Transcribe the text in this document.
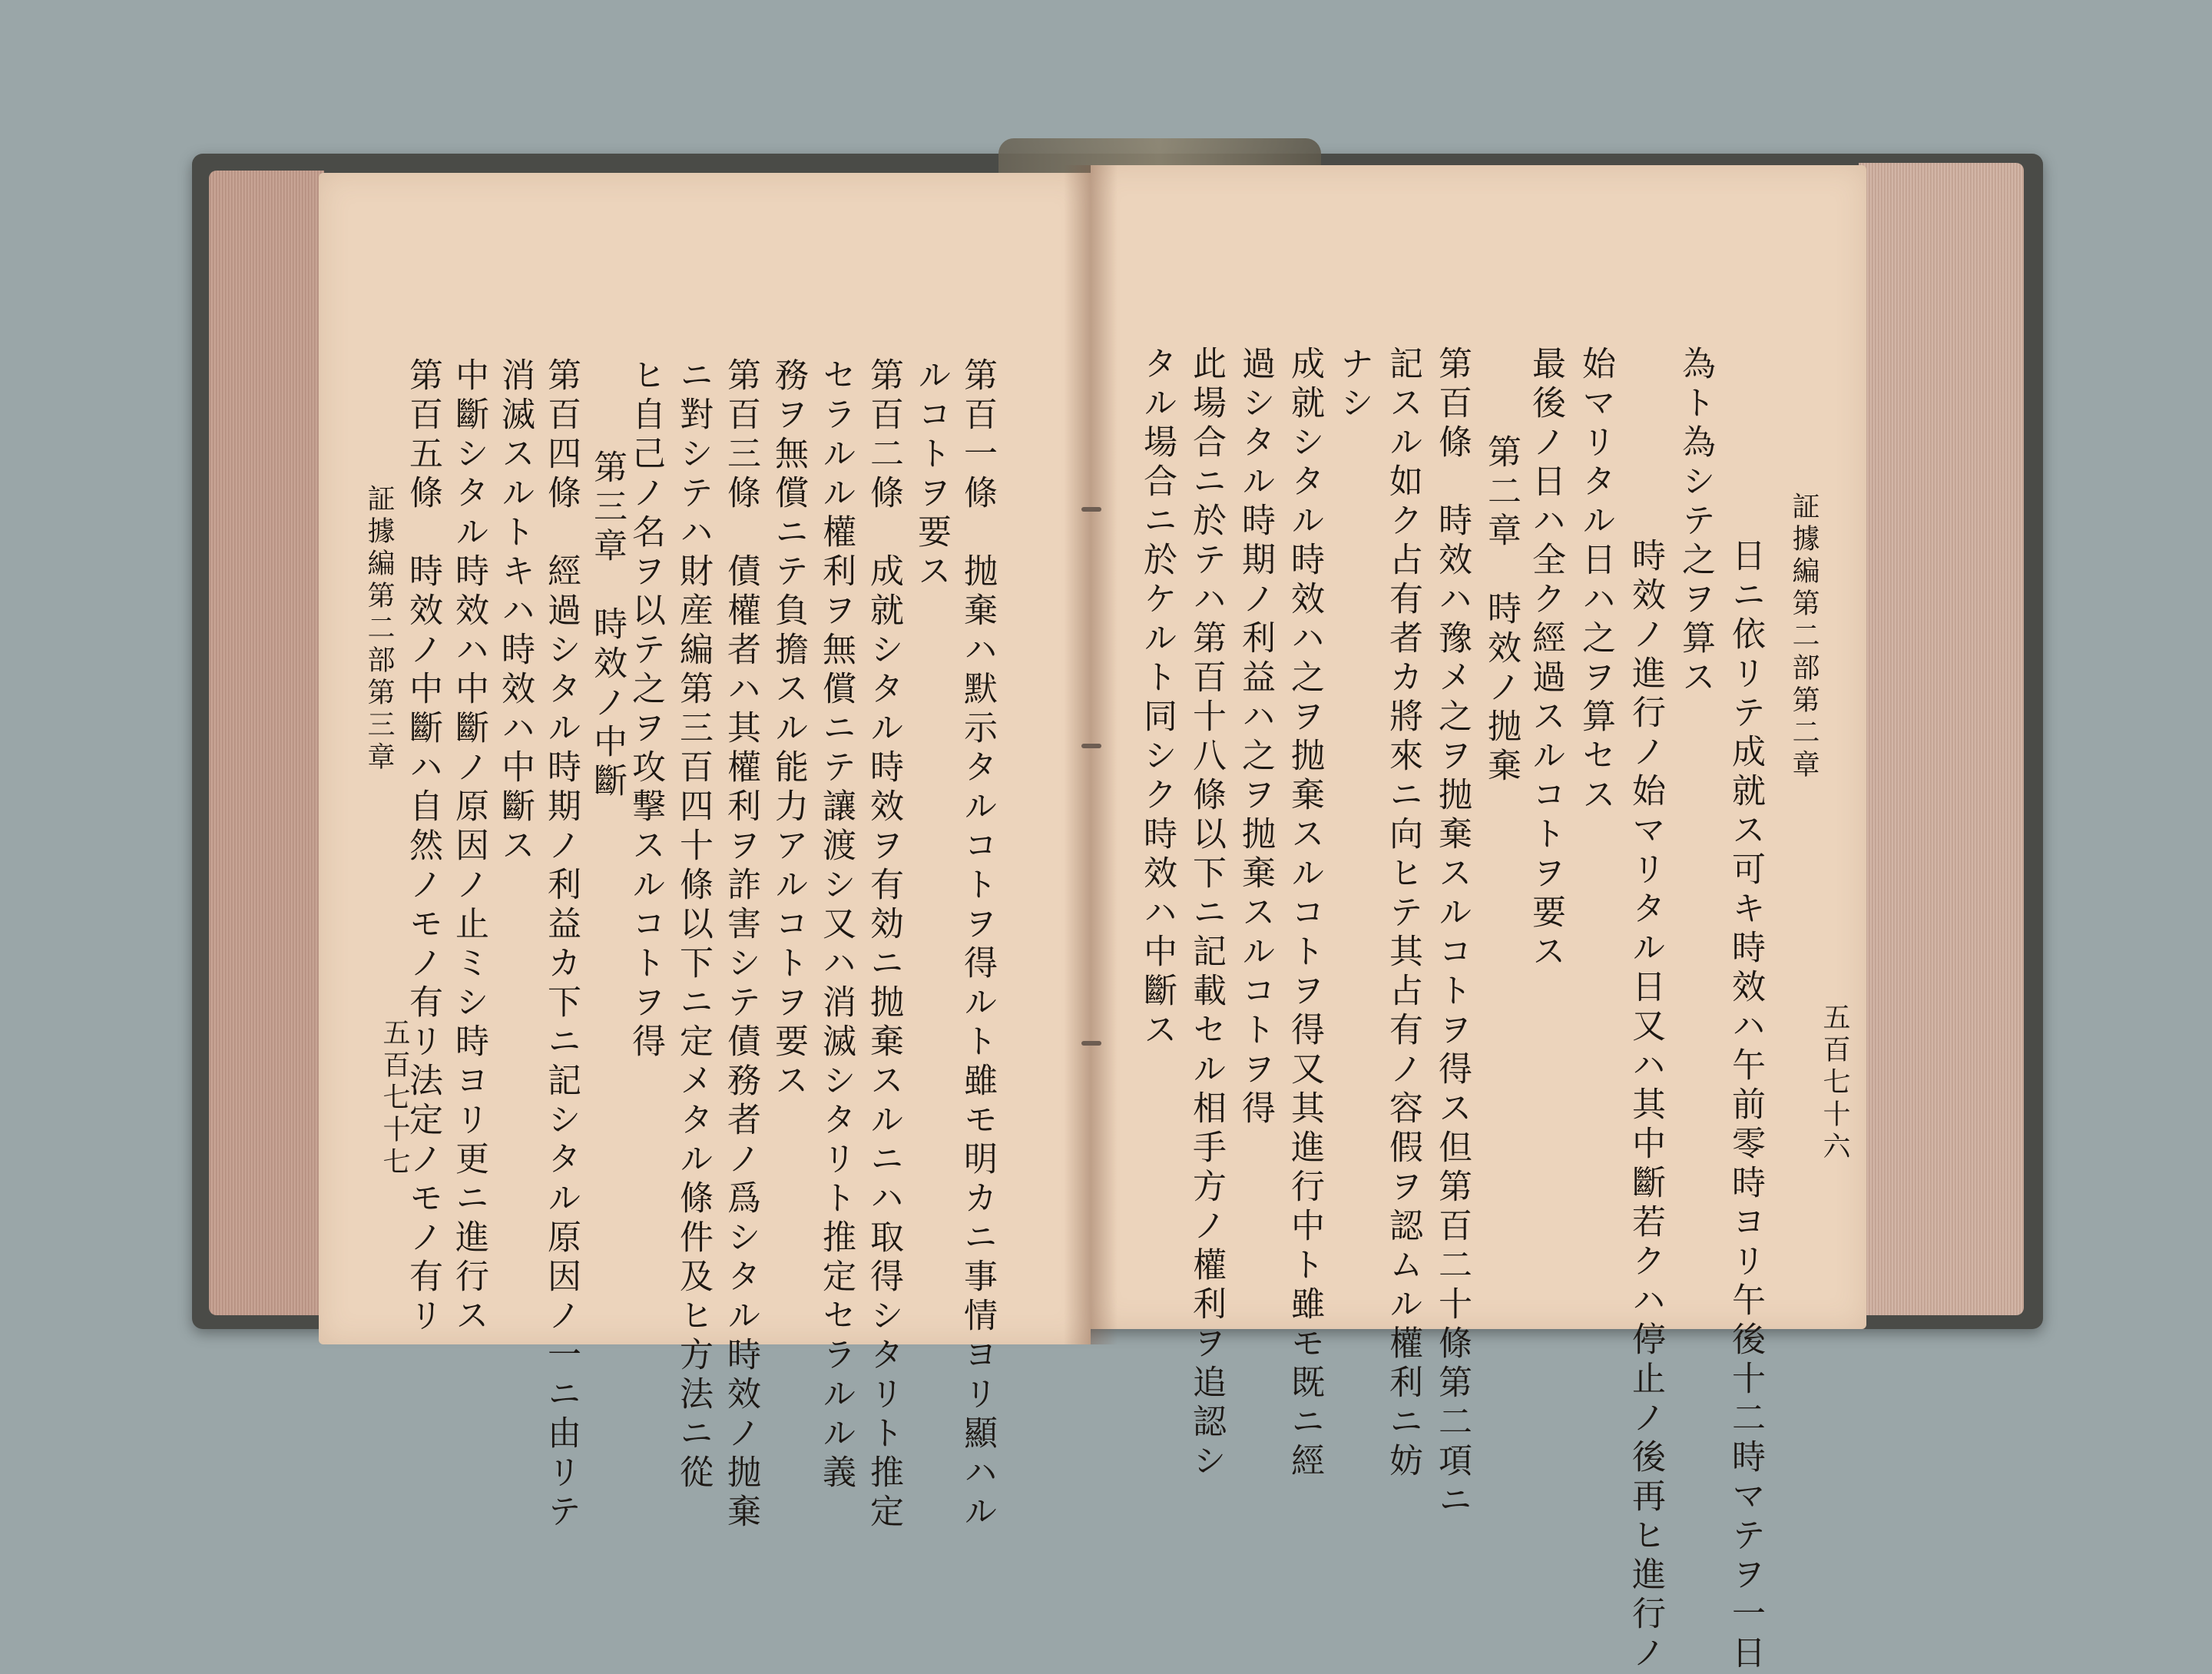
証據編第二部第二章
五百七十六
日ニ依リテ成就ス可キ時效ハ午前零時ヨリ午後十二時マテヲ一日
為ト為シテ之ヲ算ス
時效ノ進行ノ始マリタル日又ハ其中斷若クハ停止ノ後再ヒ進行ノ
始マリタル日ハ之ヲ算セス
最後ノ日ハ全ク經過スルコトヲ要ス
第二章　時效ノ抛棄
第百條　時效ハ豫メ之ヲ抛棄スルコトヲ得ス但第百二十條第二項ニ
記スル如ク占有者カ將來ニ向ヒテ其占有ノ容假ヲ認ムル權利ニ妨
ナシ
成就シタル時效ハ之ヲ抛棄スルコトヲ得又其進行中ト雖モ既ニ經
過シタル時期ノ利益ハ之ヲ抛棄スルコトヲ得
此場合ニ於テハ第百十八條以下ニ記載セル相手方ノ權利ヲ追認シ
タル場合ニ於ケルト同シク時效ハ中斷ス
第百一條　抛棄ハ默示タルコトヲ得ルト雖モ明カニ事情ヨリ顯ハル
ルコトヲ要ス
第百二條　成就シタル時效ヲ有効ニ抛棄スルニハ取得シタリト推定
セラルル權利ヲ無償ニテ讓渡シ又ハ消滅シタリト推定セラルル義
務ヲ無償ニテ負擔スル能力アルコトヲ要ス
第百三條　債權者ハ其權利ヲ詐害シテ債務者ノ爲シタル時效ノ抛棄
ニ對シテハ財産編第三百四十條以下ニ定メタル條件及ヒ方法ニ從
ヒ自己ノ名ヲ以テ之ヲ攻撃スルコトヲ得
第三章　時效ノ中斷
第百四條　經過シタル時期ノ利益カ下ニ記シタル原因ノ一ニ由リテ
消滅スルトキハ時效ハ中斷ス
中斷シタル時效ハ中斷ノ原因ノ止ミシ時ヨリ更ニ進行ス
第百五條　時效ノ中斷ハ自然ノモノ有リ法定ノモノ有リ
証據編第二部第三章
五百七十七
